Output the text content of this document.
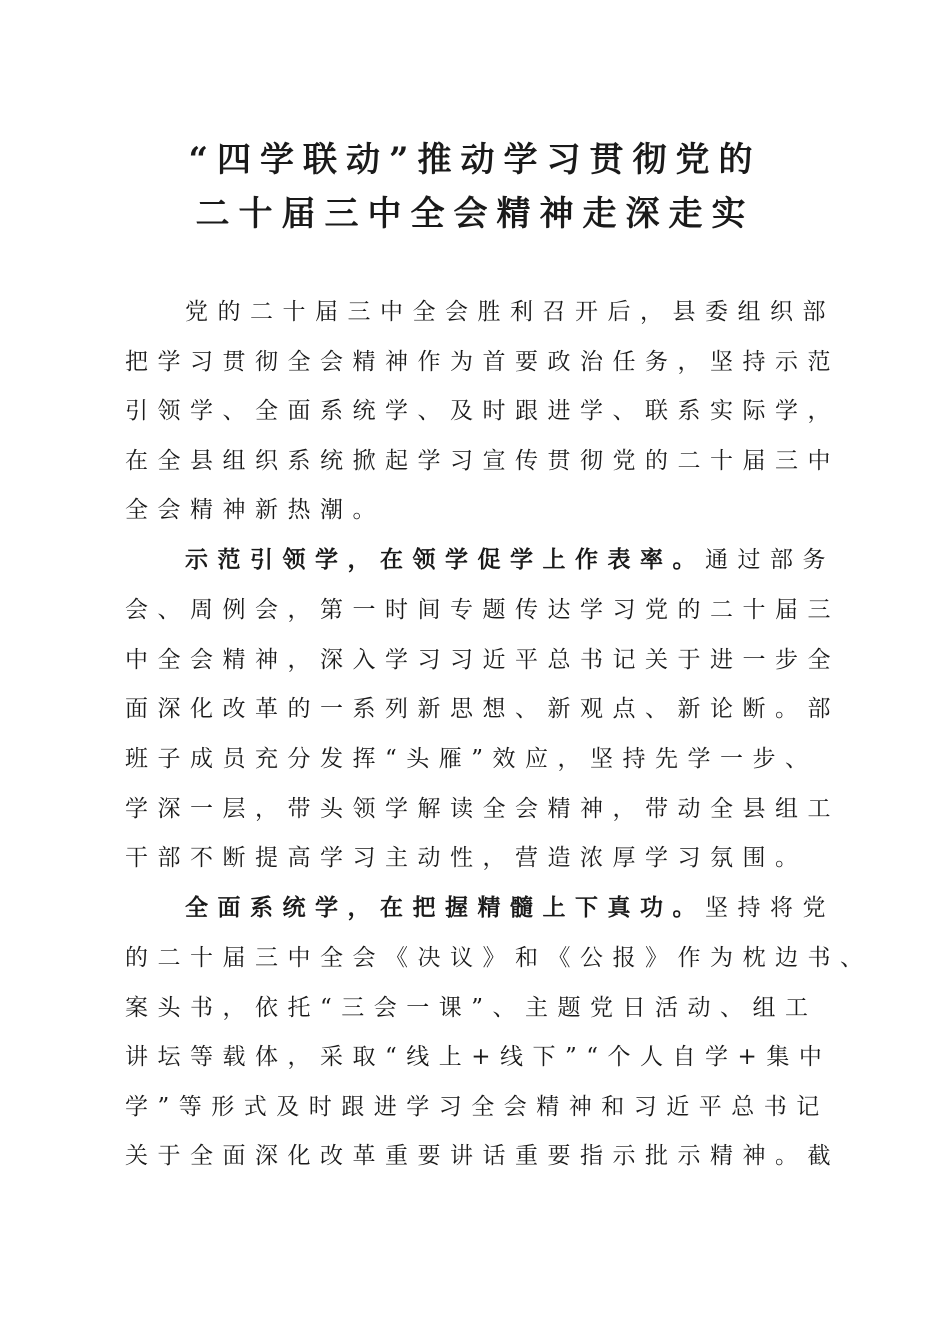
“四学联动”推动学习贯彻党的
二十届三中全会精神走深走实
党的二十届三中全会胜利召开后，县委组织部
把学习贯彻全会精神作为首要政治任务，坚持示范
引领学、全面系统学、及时跟进学、联系实际学，
在全县组织系统掀起学习宣传贯彻党的二十届三中
全会精神新热潮。
示范引领学，在领学促学上作表率。通过部务
会、周例会，第一时间专题传达学习党的二十届三
中全会精神，深入学习习近平总书记关于进一步全
面深化改革的一系列新思想、新观点、新论断。部
班子成员充分发挥“头雁”效应，坚持先学一步、
学深一层，带头领学解读全会精神，带动全县组工
干部不断提高学习主动性，营造浓厚学习氛围。
全面系统学，在把握精髓上下真功。坚持将党
的二十届三中全会《决议》和《公报》作为枕边书、
案头书，依托“三会一课”、主题党日活动、组工
讲坛等载体，采取“线上+线下”“个人自学+集中
学”等形式及时跟进学习全会精神和习近平总书记
关于全面深化改革重要讲话重要指示批示精神。截
